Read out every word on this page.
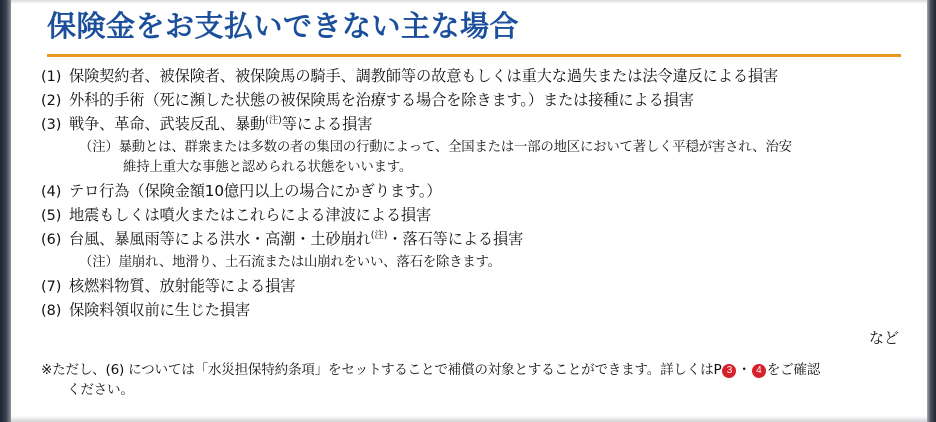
保険金をお支払いできない主な場合
(1) 保険契約者、被保険者、被保険馬の騎手、調教師等の故意もしくは重大な過失または法令違反による損害
(2) 外科的手術（死に瀕した状態の被保険馬を治療する場合を除きます。）または接種による損害
(3) 戦争、革命、武装反乱、暴動$^{(注)}$等による損害
（注）暴動とは、群衆または多数の者の集団の行動によって、全国または一部の地区において著しく平穏が害され、治安
維持上重大な事態と認められる状態をいいます。
(4) テロ行為（保険金額10億円以上の場合にかぎります。）
(5) 地震もしくは噴火またはこれらによる津波による損害
(6) 台風、暴風雨等による洪水・高潮・土砂崩れ$^{(注)}$・落石等による損害
（注）崖崩れ、地滑り、土石流または山崩れをいい、落石を除きます。
(7) 核燃料物質、放射能等による損害
(8) 保険料領収前に生じた損害
など
※ただし、(6) については「水災担保特約条項」をセットすることで補償の対象とすることができます。詳しくはP 3 ・ 4 をご確認
ください。
